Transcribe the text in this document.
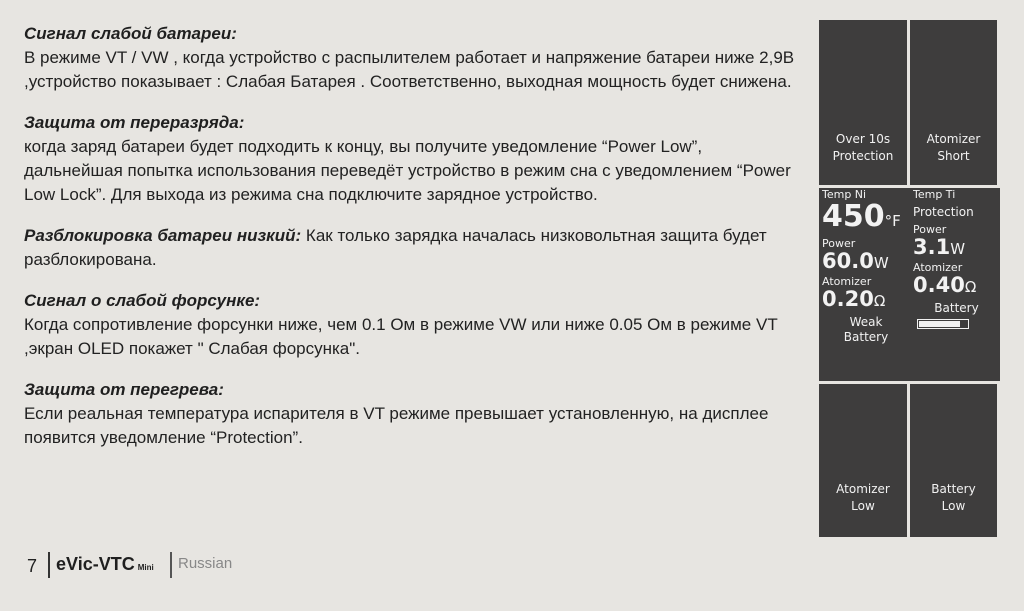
Сигнал слабой батареи:
В режиме VT / VW , когда устройство с распылителем работает и напряжение батареи ниже 2,9В ,устройство показывает : Слабая Батарея . Соответственно, выходная мощность будет снижена.
Защита от переразряда:
когда заряд батареи будет подходить к концу, вы получите уведомление “Power Low”, дальнейшая попытка использования переведёт устройство в режим сна с уведомлением “Power Low Lock”. Для выхода из режима сна подключите зарядное устройство.
Разблокировка батареи низкий: Как только зарядка началась низковольтная защита будет разблокирована.
Сигнал о слабой форсунке:
Когда сопротивление форсунки ниже, чем 0.1 Ом в режиме VW или ниже 0.05 Ом в режиме VT ,экран OLED покажет " Слабая форсунка".
Защита от перегрева:
Если реальная температура испарителя в VT режиме превышает установленную, на дисплее появится уведомление “Protection”.
Over 10s
Protection
Atomizer
Short
Temp Ni
450°F
Power
60.0W
Atomizer
0.20Ω
Weak
Battery
Temp Ti
Protection
Power
3.1W
Atomizer
0.40Ω
Battery
Atomizer
Low
Battery
Low
7 eVic-VTC Mini Russian
